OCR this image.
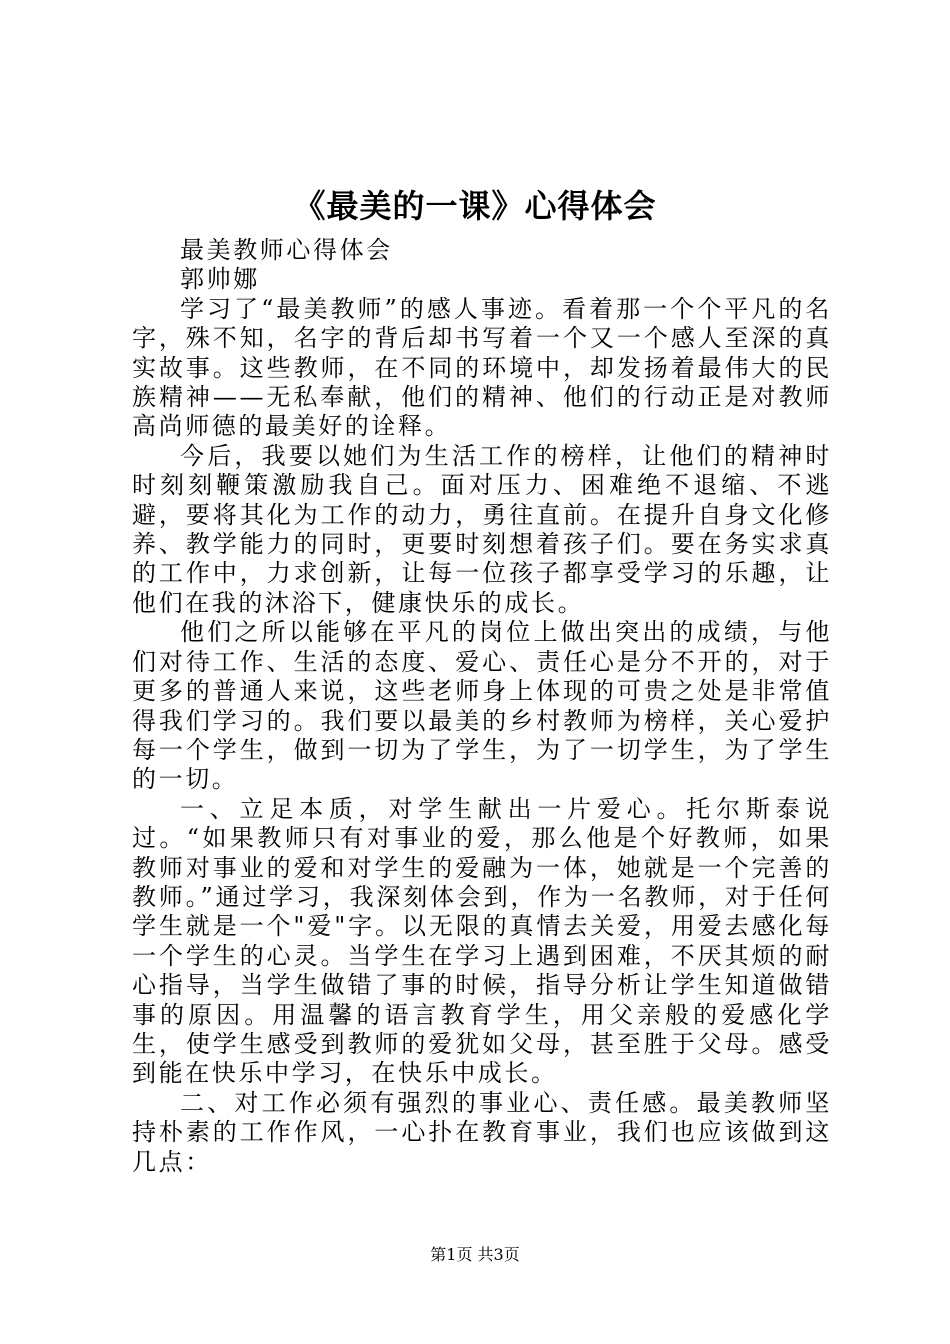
《最美的一课》心得体会

最美教师心得体会

郭帅娜

学习了“最美教师”的感人事迹。看着那一个个平凡的名字，殊不知，名字的背后却书写着一个又一个感人至深的真实故事。这些教师，在不同的环境中，却发扬着最伟大的民族精神——无私奉献，他们的精神、他们的行动正是对教师高尚师德的最美好的诠释。

今后，我要以她们为生活工作的榜样，让他们的精神时时刻刻鞭策激励我自己。面对压力、困难绝不退缩、不逃避，要将其化为工作的动力，勇往直前。在提升自身文化修养、教学能力的同时，更要时刻想着孩子们。要在务实求真的工作中，力求创新，让每一位孩子都享受学习的乐趣，让他们在我的沐浴下，健康快乐的成长。

他们之所以能够在平凡的岗位上做出突出的成绩，与他们对待工作、生活的态度、爱心、责任心是分不开的，对于更多的普通人来说，这些老师身上体现的可贵之处是非常值得我们学习的。我们要以最美的乡村教师为榜样，关心爱护每一个学生，做到一切为了学生，为了一切学生，为了学生的一切。

一、立足本质，对学生献出一片爱心。托尔斯泰说过。“如果教师只有对事业的爱，那么他是个好教师，如果教师对事业的爱和对学生的爱融为一体，她就是一个完善的教师。”通过学习，我深刻体会到，作为一名教师，对于任何学生就是一个"爱"字。以无限的真情去关爱，用爱去感化每一个学生的心灵。当学生在学习上遇到困难，不厌其烦的耐心指导，当学生做错了事的时候，指导分析让学生知道做错事的原因。用温馨的语言教育学生，用父亲般的爱感化学生，使学生感受到教师的爱犹如父母，甚至胜于父母。感受到能在快乐中学习，在快乐中成长。

二、对工作必须有强烈的事业心、责任感。最美教师坚持朴素的工作作风，一心扑在教育事业，我们也应该做到这几点：

第1页 共3页
